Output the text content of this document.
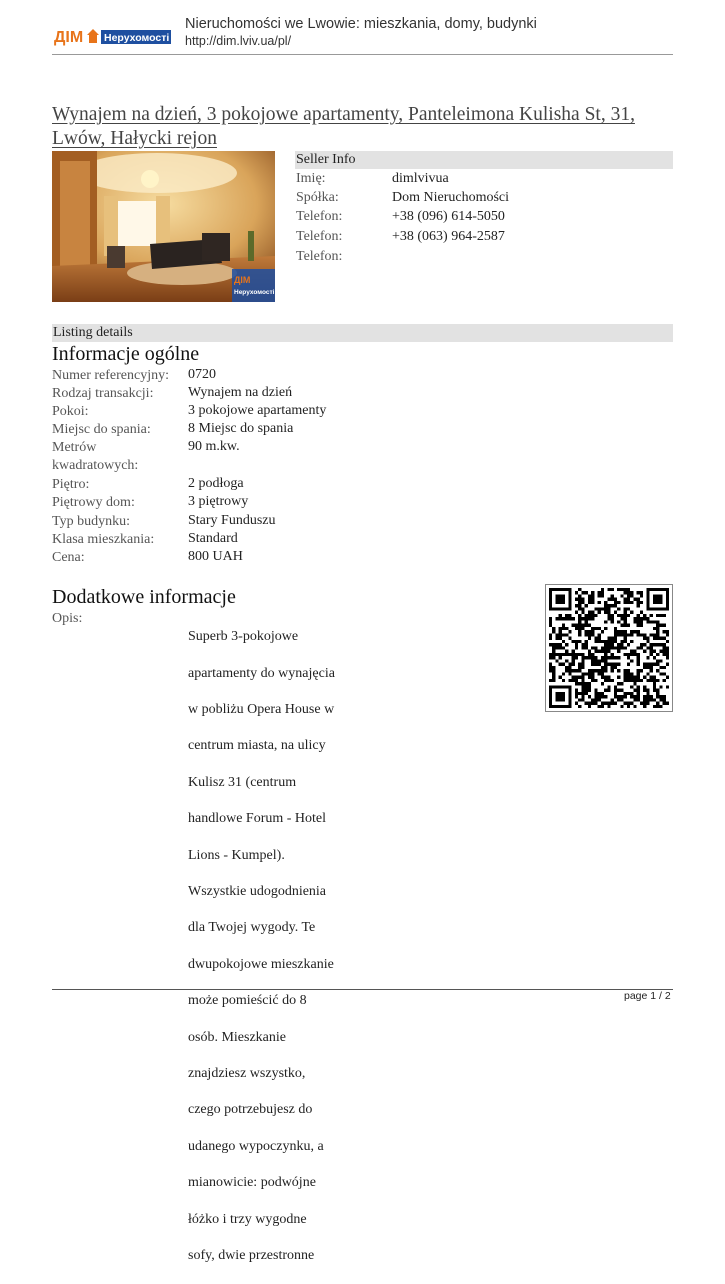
ДІМ Нерухомості
Nieruchomości we Lwowie: mieszkania, domy, budynki
http://dim.lviv.ua/pl/
Wynajem na dzień, 3 pokojowe apartamenty, Panteleimona Kulisha St, 31, Lwów, Hałycki rejon
ДІМ
Нерухомості
Seller Info
Imię:	dimlvivua
Spółka:	Dom Nieruchomości
Telefon:	+38 (096) 614-5050
Telefon:	+38 (063) 964-2587
Telefon:
Listing details
Informacje ogólne
Numer referencyjny: 0720
Rodzaj transakcji: Wynajem na dzień
Pokoi:	3 pokojowe apartamenty
Miejsc do spania:	8 Miejsc do spania
Metrów kwadratowych:
90 m.kw.
Piętro:	2 podłoga
Piętrowy dom:	3 piętrowy
Typ budynku:	Stary Funduszu
Klasa mieszkania: Standard
Cena:	800 UAH
Dodatkowe informacje
Opis:

Superb 3-pokojowe

apartamenty do wynajęcia

w pobliżu Opera House w

centrum miasta, na ulicy

Kulisz 31 (centrum

handlowe Forum - Hotel

Lions - Kumpel).

Wszystkie udogodnienia

dla Twojej wygody. Te

dwupokojowe mieszkanie

może pomieścić do 8

osób. Mieszkanie

znajdziesz wszystko,

czego potrzebujesz do

udanego wypoczynku, a

mianowicie: podwójne

łóżko i trzy wygodne

sofy, dwie przestronne

page 1 / 2
